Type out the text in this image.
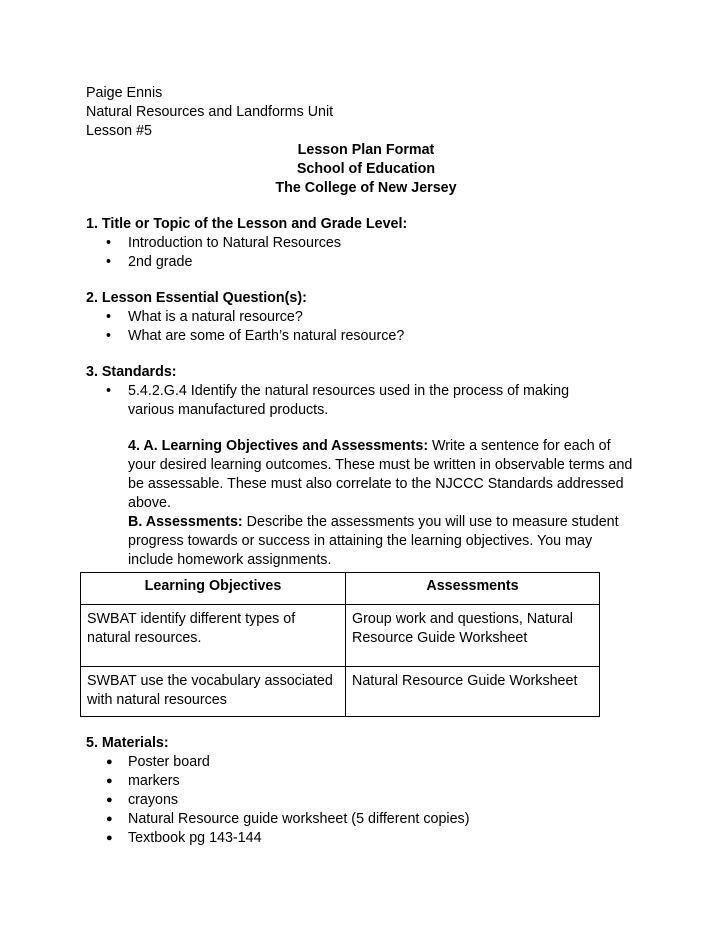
Paige Ennis
Natural Resources and Landforms Unit
Lesson #5
Lesson Plan Format
School of Education
The College of New Jersey
1. Title or Topic of the Lesson and Grade Level:
• Introduction to Natural Resources
• 2nd grade
2. Lesson Essential Question(s):
• What is a natural resource?
• What are some of Earth’s natural resource?
3. Standards:
• 5.4.2.G.4 Identify the natural resources used in the process of making various manufactured products.

4. A. Learning Objectives and Assessments: Write a sentence for each of your desired learning outcomes. These must be written in observable terms and be assessable. These must also correlate to the NJCCC Standards addressed above.

B. Assessments: Describe the assessments you will use to measure student progress towards or success in attaining the learning objectives. You may include homework assignments.

Learning Objectives	Assessments
SWBAT identify different types of natural resources.	Group work and questions, Natural Resource Guide Worksheet
SWBAT use the vocabulary associated with natural resources	Natural Resource Guide Worksheet
5. Materials:
● Poster board
● markers
● crayons
● Natural Resource guide worksheet (5 different copies)
● Textbook pg 143-144
